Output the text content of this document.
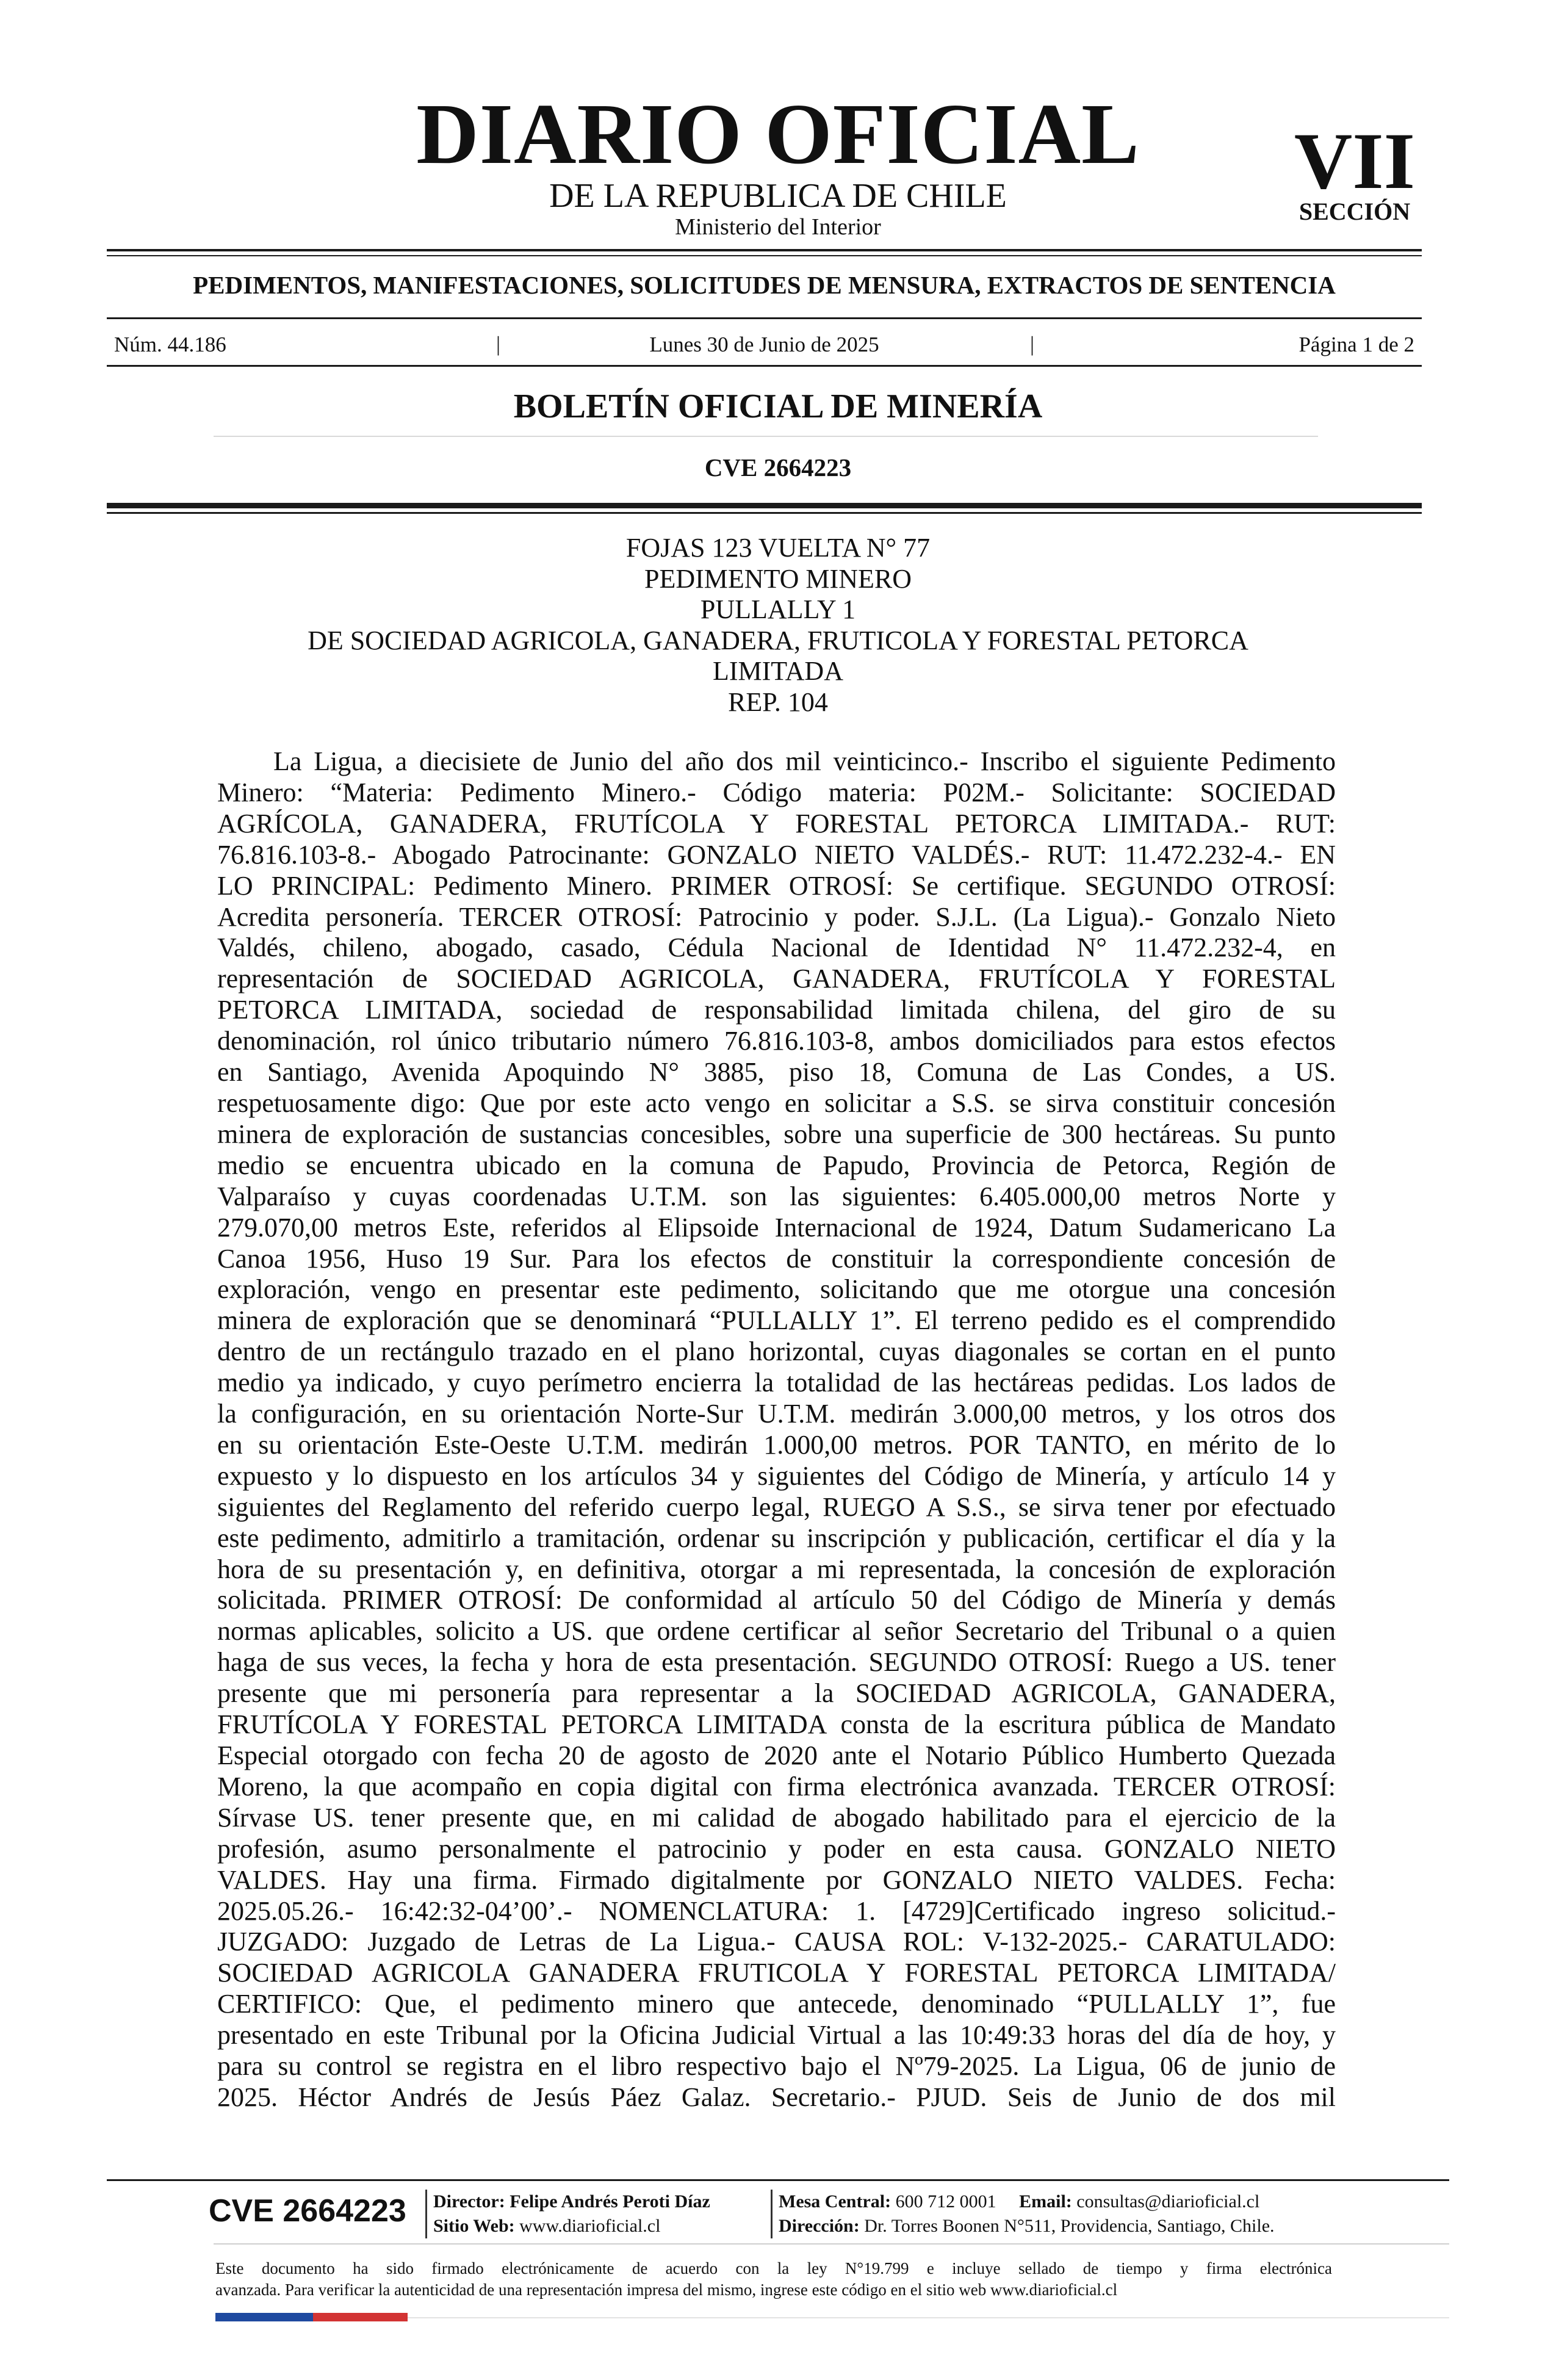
DIARIO OFICIAL
DE LA REPUBLICA DE CHILE
Ministerio del Interior
VII
SECCIÓN
PEDIMENTOS, MANIFESTACIONES, SOLICITUDES DE MENSURA, EXTRACTOS DE SENTENCIA
Núm. 44.186	|	Lunes 30 de Junio de 2025	|	Página 1 de 2
BOLETÍN OFICIAL DE MINERÍA
CVE 2664223
FOJAS 123 VUELTA N° 77
PEDIMENTO MINERO
PULLALLY 1
DE SOCIEDAD AGRICOLA, GANADERA, FRUTICOLA Y FORESTAL PETORCA
LIMITADA
REP. 104
La Ligua, a diecisiete de Junio del año dos mil veinticinco.- Inscribo el siguiente Pedimento
Minero: “Materia: Pedimento Minero.- Código materia: P02M.- Solicitante: SOCIEDAD
AGRÍCOLA, GANADERA, FRUTÍCOLA Y FORESTAL PETORCA LIMITADA.- RUT:
76.816.103-8.- Abogado Patrocinante: GONZALO NIETO VALDÉS.- RUT: 11.472.232-4.- EN
LO PRINCIPAL: Pedimento Minero. PRIMER OTROSÍ: Se certifique. SEGUNDO OTROSÍ:
Acredita personería. TERCER OTROSÍ: Patrocinio y poder. S.J.L. (La Ligua).- Gonzalo Nieto
Valdés, chileno, abogado, casado, Cédula Nacional de Identidad N° 11.472.232-4, en
representación de SOCIEDAD AGRICOLA, GANADERA, FRUTÍCOLA Y FORESTAL
PETORCA LIMITADA, sociedad de responsabilidad limitada chilena, del giro de su
denominación, rol único tributario número 76.816.103-8, ambos domiciliados para estos efectos
en Santiago, Avenida Apoquindo N° 3885, piso 18, Comuna de Las Condes, a US.
respetuosamente digo: Que por este acto vengo en solicitar a S.S. se sirva constituir concesión
minera de exploración de sustancias concesibles, sobre una superficie de 300 hectáreas. Su punto
medio se encuentra ubicado en la comuna de Papudo, Provincia de Petorca, Región de
Valparaíso y cuyas coordenadas U.T.M. son las siguientes: 6.405.000,00 metros Norte y
279.070,00 metros Este, referidos al Elipsoide Internacional de 1924, Datum Sudamericano La
Canoa 1956, Huso 19 Sur. Para los efectos de constituir la correspondiente concesión de
exploración, vengo en presentar este pedimento, solicitando que me otorgue una concesión
minera de exploración que se denominará “PULLALLY 1”. El terreno pedido es el comprendido
dentro de un rectángulo trazado en el plano horizontal, cuyas diagonales se cortan en el punto
medio ya indicado, y cuyo perímetro encierra la totalidad de las hectáreas pedidas. Los lados de
la configuración, en su orientación Norte-Sur U.T.M. medirán 3.000,00 metros, y los otros dos
en su orientación Este-Oeste U.T.M. medirán 1.000,00 metros. POR TANTO, en mérito de lo
expuesto y lo dispuesto en los artículos 34 y siguientes del Código de Minería, y artículo 14 y
siguientes del Reglamento del referido cuerpo legal, RUEGO A S.S., se sirva tener por efectuado
este pedimento, admitirlo a tramitación, ordenar su inscripción y publicación, certificar el día y la
hora de su presentación y, en definitiva, otorgar a mi representada, la concesión de exploración
solicitada. PRIMER OTROSÍ: De conformidad al artículo 50 del Código de Minería y demás
normas aplicables, solicito a US. que ordene certificar al señor Secretario del Tribunal o a quien
haga de sus veces, la fecha y hora de esta presentación. SEGUNDO OTROSÍ: Ruego a US. tener
presente que mi personería para representar a la SOCIEDAD AGRICOLA, GANADERA,
FRUTÍCOLA Y FORESTAL PETORCA LIMITADA consta de la escritura pública de Mandato
Especial otorgado con fecha 20 de agosto de 2020 ante el Notario Público Humberto Quezada
Moreno, la que acompaño en copia digital con firma electrónica avanzada. TERCER OTROSÍ:
Sírvase US. tener presente que, en mi calidad de abogado habilitado para el ejercicio de la
profesión, asumo personalmente el patrocinio y poder en esta causa. GONZALO NIETO
VALDES. Hay una firma. Firmado digitalmente por GONZALO NIETO VALDES. Fecha:
2025.05.26.- 16:42:32-04’00’.- NOMENCLATURA: 1. [4729]Certificado ingreso solicitud.-
JUZGADO: Juzgado de Letras de La Ligua.- CAUSA ROL: V-132-2025.- CARATULADO:
SOCIEDAD AGRICOLA GANADERA FRUTICOLA Y FORESTAL PETORCA LIMITADA/
CERTIFICO: Que, el pedimento minero que antecede, denominado “PULLALLY 1”, fue
presentado en este Tribunal por la Oficina Judicial Virtual a las 10:49:33 horas del día de hoy, y
para su control se registra en el libro respectivo bajo el Nº79-2025. La Ligua, 06 de junio de
2025. Héctor Andrés de Jesús Páez Galaz. Secretario.- PJUD. Seis de Junio de dos mil
CVE 2664223 Director: Felipe Andrés Peroti Díaz
Sitio Web: www.diarioficial.cl
Mesa Central: 600 712 0001 Email: consultas@diarioficial.cl
Dirección: Dr. Torres Boonen N°511, Providencia, Santiago, Chile.
Este documento ha sido firmado electrónicamente de acuerdo con la ley N°19.799 e incluye sellado de tiempo y firma electrónica
avanzada. Para verificar la autenticidad de una representación impresa del mismo, ingrese este código en el sitio web www.diarioficial.cl
